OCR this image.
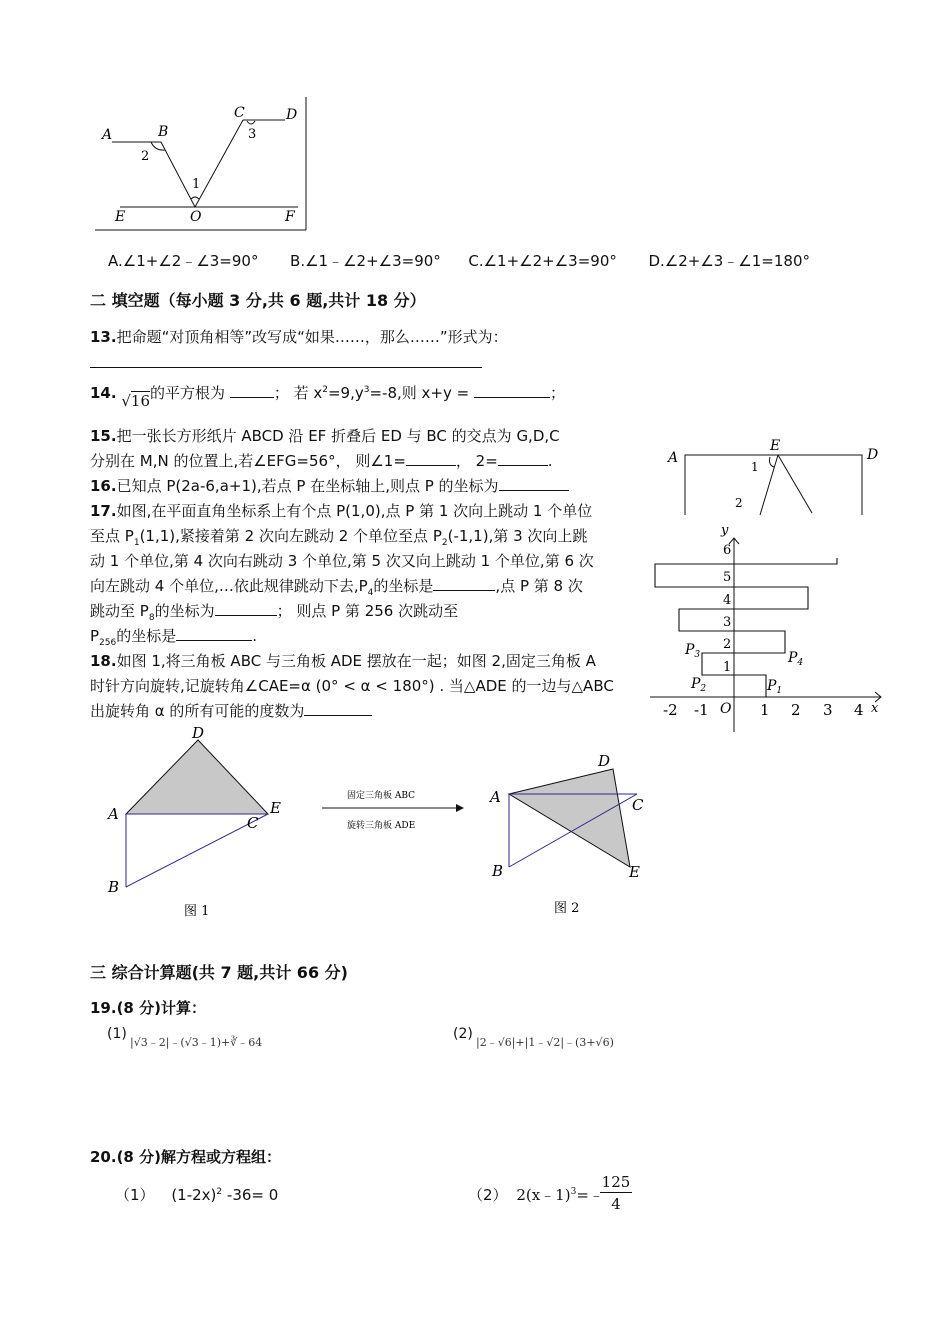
A	B
2
C	D
3
1
E	O	F
A.∠1+∠2﹣∠3=90° B.∠1﹣∠2+∠3=90° C.∠1+∠2+∠3=90° D.∠2+∠3﹣∠1=180°
二 填空题（每小题 3 分,共 6 题,共计 18 分）
13.把命题“对顶角相等”改写成“如果……，那么……”形式为：
14. √16的平方根为	； 若 $x^2=9,y^3=-8$,则 x+y =	；
15.把一张长方形纸片 ABCD 沿 EF 折叠后 ED 与 BC 的交点为 G,D,C
分别在 M,N 的位置上,若∠EFG=56°， 则∠1=	， 2=	.	A
E
D
1
2
16.已知点 P(2a-6,a+1),若点 P 在坐标轴上,则点 P 的坐标为
17.如图,在平面直角坐标系上有个点 P(1,0),点 P 第 1 次向上跳动 1 个单位
至点 $P_1(1,1)$,紧接着第 2 次向左跳动 2 个单位至点 $P_2(-1,1)$,第 3 次向上跳
动 1 个单位,第 4 次向右跳动 3 个单位,第 5 次又向上跳动 1 个单位,第 6 次
向左跳动 4 个单位,…依此规律跳动下去$,P_4$的坐标是	,点 P 第 8 次
跳动至 $P_8$的坐标为	； 则点 P 第 256 次跳动至
$P_{256}$的坐标是	.
y
x
O
1
2
3
4
5
6
-2 -1	1 2 3 4
$P_1$
$P_2$
$P_3$	$P_4$
18.如图 1,将三角板 ABC 与三角板 ADE 摆放在一起；如图 2,固定三角板 A
时针方向旋转,记旋转角∠CAE=α (0° < α < 180°) . 当△ADE 的一边与△ABC
出旋转角 α 的所有可能的度数为
D
A	E
C
B
图 1
固定三角板 ABC
旋转三角板 ADE
D
A	C
B	E
图 2
三 综合计算题(共 7 题,共计 66 分)
19.(8 分)计算：
(1)
|√3﹣2|﹣(√3﹣1)+∛﹣64
(2)
|2﹣√6|+|1﹣√2|﹣(3+√6)
20.(8 分)解方程或方程组：
（1） $(1-2x)^2$ -36= 0	（2） 2(x﹣1)$^3$=﹣
$\frac{125}{4}$
